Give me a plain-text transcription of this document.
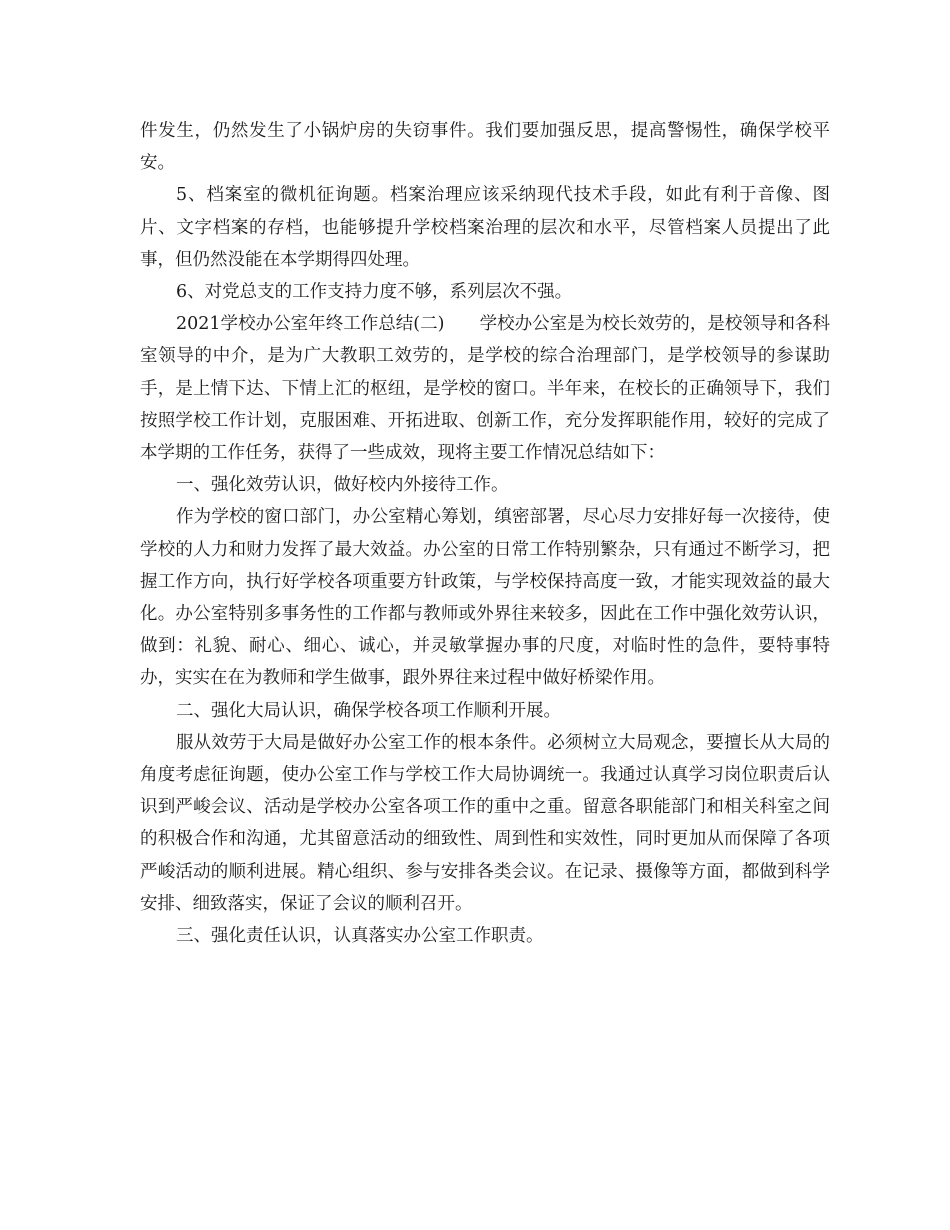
件发生，仍然发生了小锅炉房的失窃事件。我们要加强反思，提高警惕性，确保学校平安。

5、档案室的微机征询题。档案治理应该采纳现代技术手段，如此有利于音像、图片、文字档案的存档，也能够提升学校档案治理的层次和水平，尽管档案人员提出了此事，但仍然没能在本学期得四处理。

6、对党总支的工作支持力度不够，系列层次不强。

2021学校办公室年终工作总结(二)　　学校办公室是为校长效劳的，是校领导和各科室领导的中介，是为广大教职工效劳的，是学校的综合治理部门，是学校领导的参谋助手，是上情下达、下情上汇的枢纽，是学校的窗口。半年来，在校长的正确领导下，我们按照学校工作计划，克服困难、开拓进取、创新工作，充分发挥职能作用，较好的完成了本学期的工作任务，获得了一些成效，现将主要工作情况总结如下：

一、强化效劳认识，做好校内外接待工作。

作为学校的窗口部门，办公室精心筹划，缜密部署，尽心尽力安排好每一次接待，使学校的人力和财力发挥了最大效益。办公室的日常工作特别繁杂，只有通过不断学习，把握工作方向，执行好学校各项重要方针政策，与学校保持高度一致，才能实现效益的最大化。办公室特别多事务性的工作都与教师或外界往来较多，因此在工作中强化效劳认识，做到：礼貌、耐心、细心、诚心，并灵敏掌握办事的尺度，对临时性的急件，要特事特办，实实在在为教师和学生做事，跟外界往来过程中做好桥梁作用。

二、强化大局认识，确保学校各项工作顺利开展。

服从效劳于大局是做好办公室工作的根本条件。必须树立大局观念，要擅长从大局的角度考虑征询题，使办公室工作与学校工作大局协调统一。我通过认真学习岗位职责后认识到严峻会议、活动是学校办公室各项工作的重中之重。留意各职能部门和相关科室之间的积极合作和沟通，尤其留意活动的细致性、周到性和实效性，同时更加从而保障了各项严峻活动的顺利进展。精心组织、参与安排各类会议。在记录、摄像等方面，都做到科学安排、细致落实，保证了会议的顺利召开。

三、强化责任认识，认真落实办公室工作职责。
